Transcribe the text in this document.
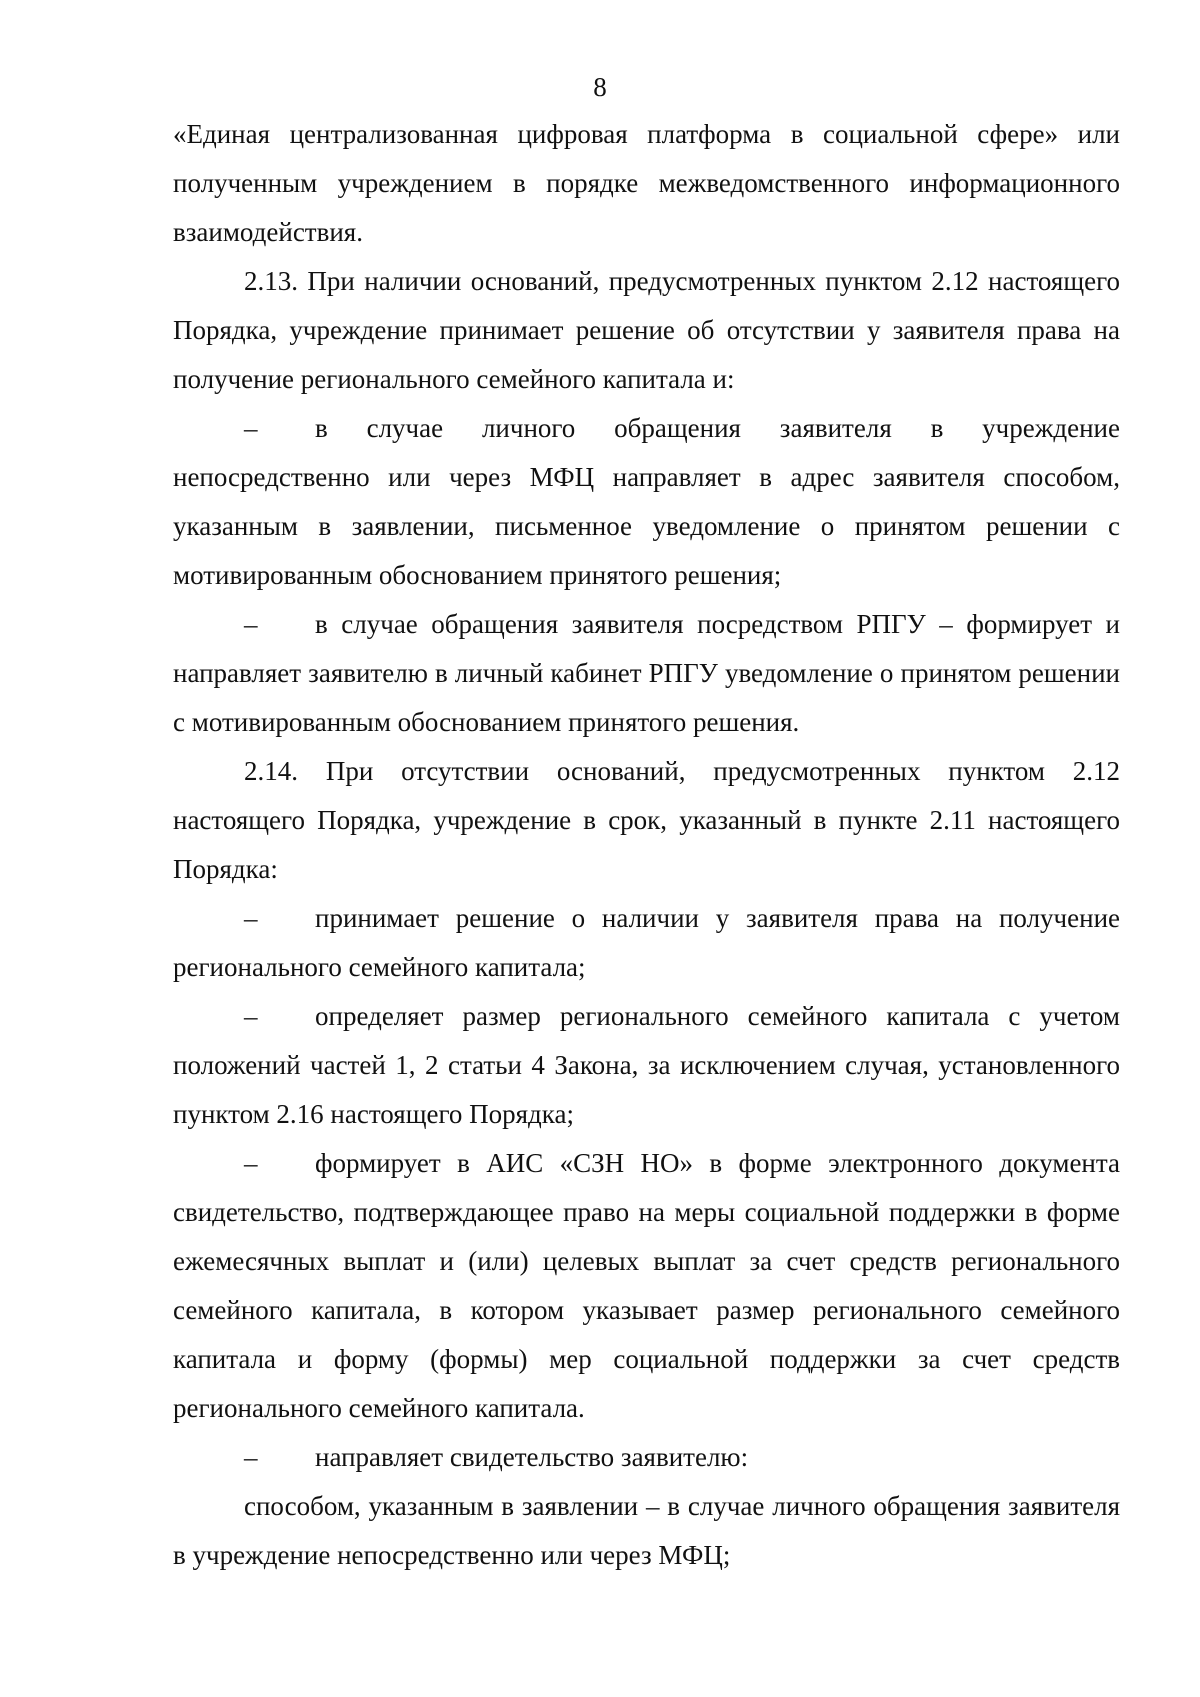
8

«Единая централизованная цифровая платформа в социальной сфере» или полученным учреждением в порядке межведомственного информационного взаимодействия.

2.13. При наличии оснований, предусмотренных пунктом 2.12 настоящего Порядка, учреждение принимает решение об отсутствии у заявителя права на получение регионального семейного капитала и:

– в случае личного обращения заявителя в учреждение непосредственно или через МФЦ направляет в адрес заявителя способом, указанным в заявлении, письменное уведомление о принятом решении с мотивированным обоснованием принятого решения;

– в случае обращения заявителя посредством РПГУ – формирует и направляет заявителю в личный кабинет РПГУ уведомление о принятом решении с мотивированным обоснованием принятого решения.

2.14. При отсутствии оснований, предусмотренных пунктом 2.12 настоящего Порядка, учреждение в срок, указанный в пункте 2.11 настоящего Порядка:

– принимает решение о наличии у заявителя права на получение регионального семейного капитала;

– определяет размер регионального семейного капитала с учетом положений частей 1, 2 статьи 4 Закона, за исключением случая, установленного пунктом 2.16 настоящего Порядка;

– формирует в АИС «СЗН НО» в форме электронного документа свидетельство, подтверждающее право на меры социальной поддержки в форме ежемесячных выплат и (или) целевых выплат за счет средств регионального семейного капитала, в котором указывает размер регионального семейного капитала и форму (формы) мер социальной поддержки за счет средств регионального семейного капитала.

– направляет свидетельство заявителю:

способом, указанным в заявлении – в случае личного обращения заявителя в учреждение непосредственно или через МФЦ;
